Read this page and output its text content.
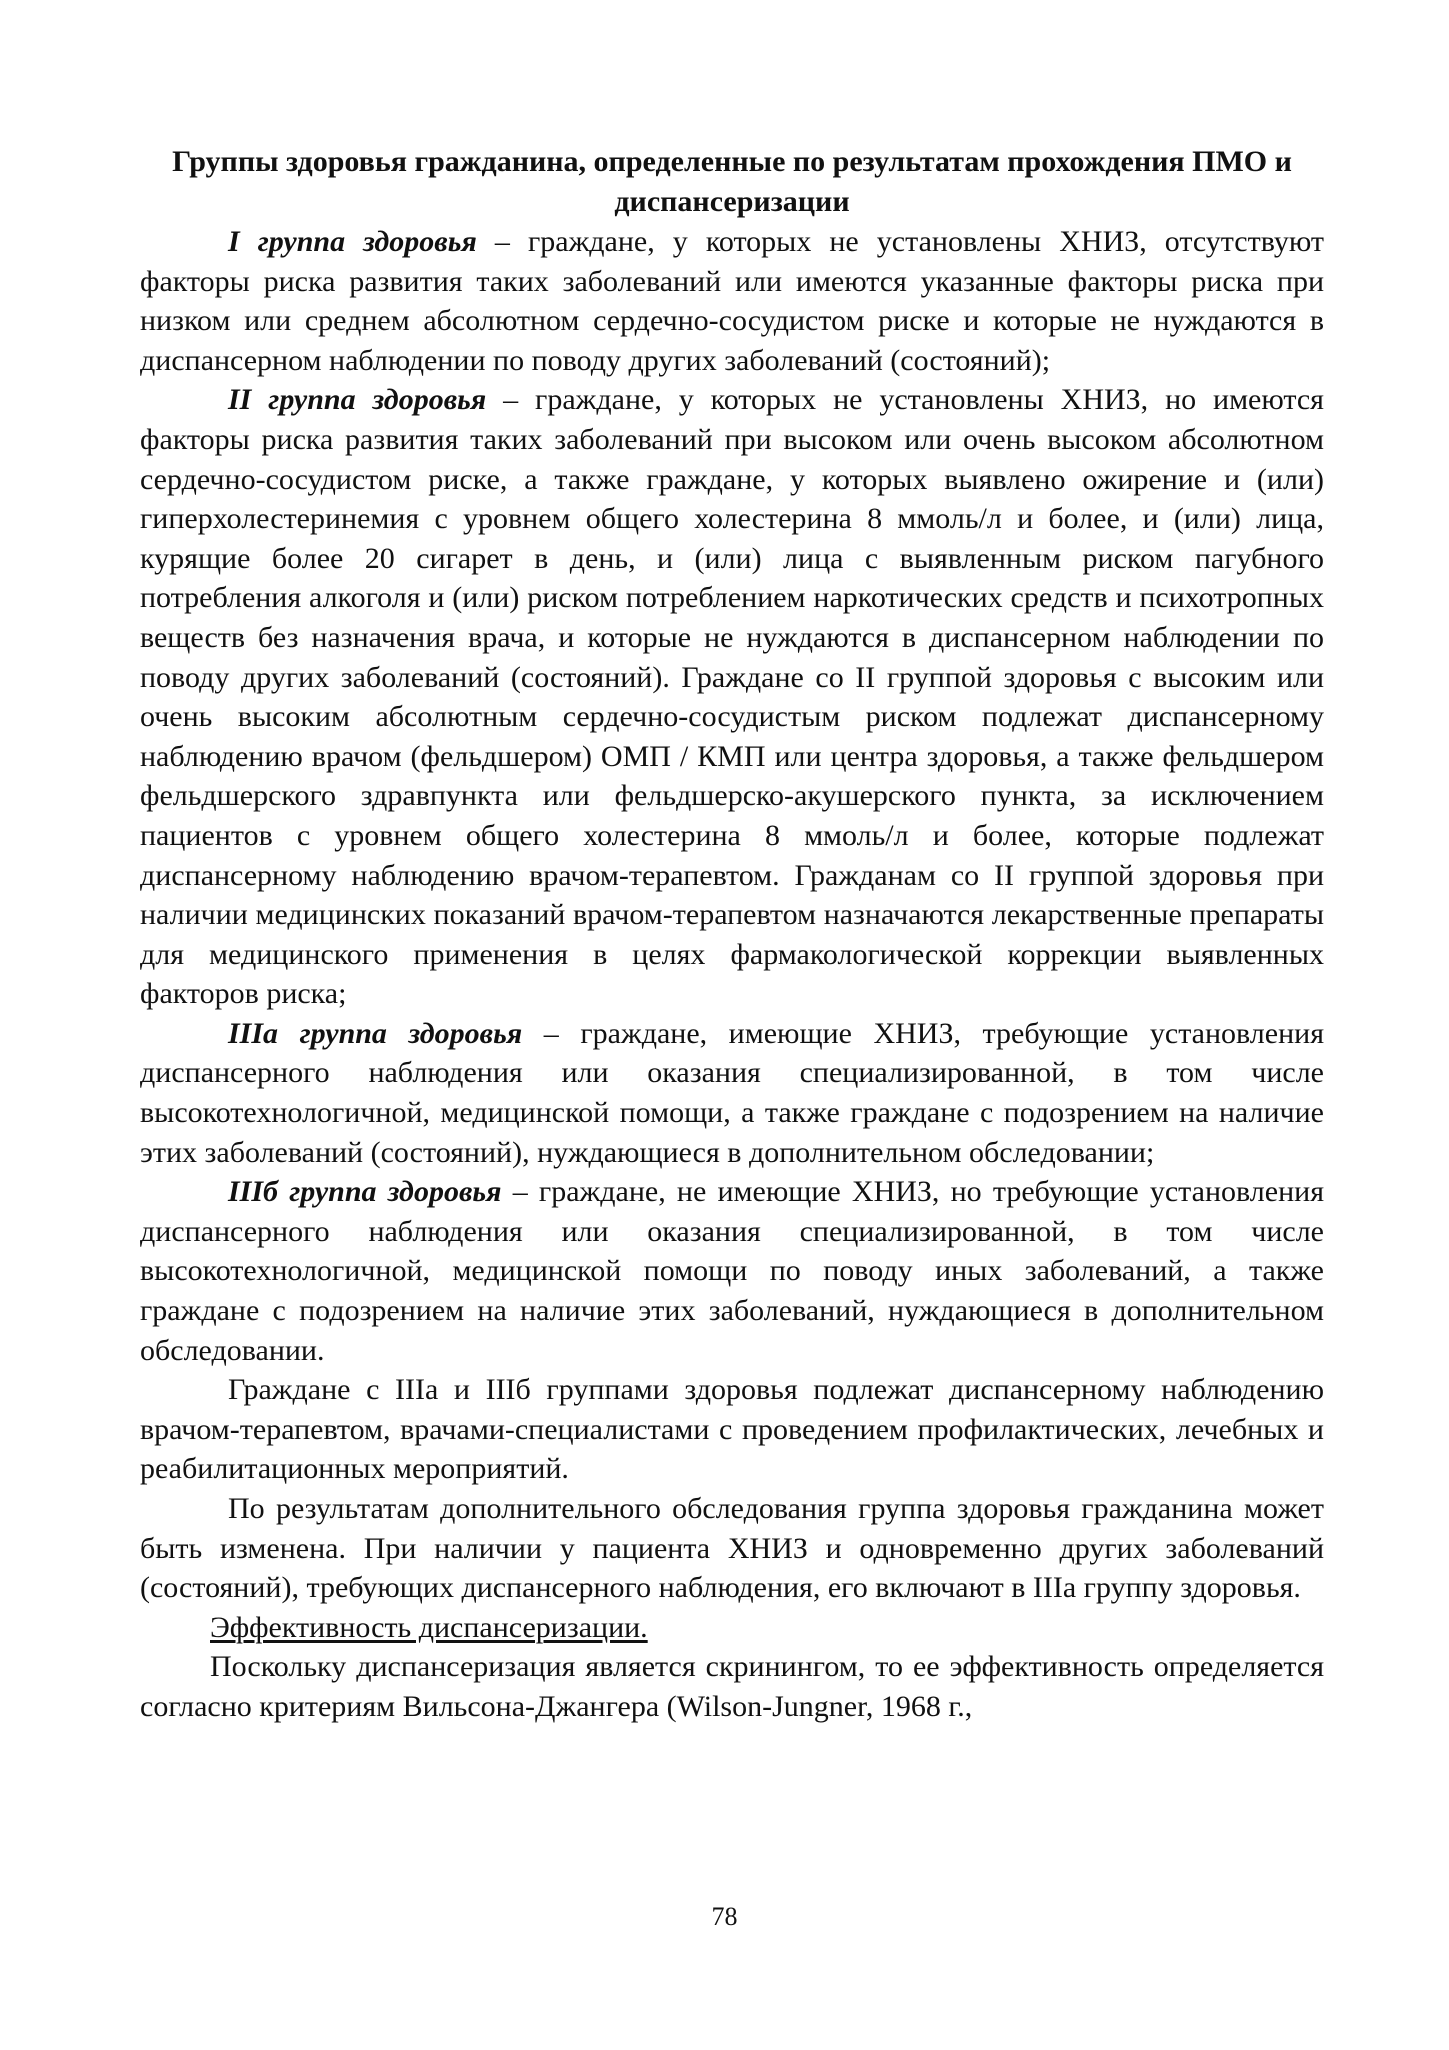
Группы здоровья гражданина, определенные по результатам прохождения ПМО и диспансеризации

I группа здоровья – граждане, у которых не установлены ХНИЗ, отсутствуют факторы риска развития таких заболеваний или имеются указанные факторы риска при низком или среднем абсолютном сердечно-сосудистом риске и которые не нуждаются в диспансерном наблюдении по поводу других заболеваний (состояний);

II группа здоровья – граждане, у которых не установлены ХНИЗ, но имеются факторы риска развития таких заболеваний при высоком или очень высоком абсолютном сердечно-сосудистом риске, а также граждане, у которых выявлено ожирение и (или) гиперхолестеринемия с уровнем общего холестерина 8 ммоль/л и более, и (или) лица, курящие более 20 сигарет в день, и (или) лица с выявленным риском пагубного потребления алкоголя и (или) риском потреблением наркотических средств и психотропных веществ без назначения врача, и которые не нуждаются в диспансерном наблюдении по поводу других заболеваний (состояний). Граждане со II группой здоровья с высоким или очень высоким абсолютным сердечно-сосудистым риском подлежат диспансерному наблюдению врачом (фельдшером) ОМП / КМП или центра здоровья, а также фельдшером фельдшерского здравпункта или фельдшерско-акушерского пункта, за исключением пациентов с уровнем общего холестерина 8 ммоль/л и более, которые подлежат диспансерному наблюдению врачом-терапевтом. Гражданам со II группой здоровья при наличии медицинских показаний врачом-терапевтом назначаются лекарственные препараты для медицинского применения в целях фармакологической коррекции выявленных факторов риска;

IIIа группа здоровья – граждане, имеющие ХНИЗ, требующие установления диспансерного наблюдения или оказания специализированной, в том числе высокотехнологичной, медицинской помощи, а также граждане с подозрением на наличие этих заболеваний (состояний), нуждающиеся в дополнительном обследовании;

IIIб группа здоровья – граждане, не имеющие ХНИЗ, но требующие установления диспансерного наблюдения или оказания специализированной, в том числе высокотехнологичной, медицинской помощи по поводу иных заболеваний, а также граждане с подозрением на наличие этих заболеваний, нуждающиеся в дополнительном обследовании.

Граждане с IIIа и IIIб группами здоровья подлежат диспансерному наблюдению врачом-терапевтом, врачами-специалистами с проведением профилактических, лечебных и реабилитационных мероприятий.

По результатам дополнительного обследования группа здоровья гражданина может быть изменена. При наличии у пациента ХНИЗ и одновременно других заболеваний (состояний), требующих диспансерного наблюдения, его включают в IIIа группу здоровья.

Эффективность диспансеризации.

Поскольку диспансеризация является скринингом, то ее эффективность определяется согласно критериям Вильсона-Джангера (Wilson-Jungner, 1968 г.,

78
